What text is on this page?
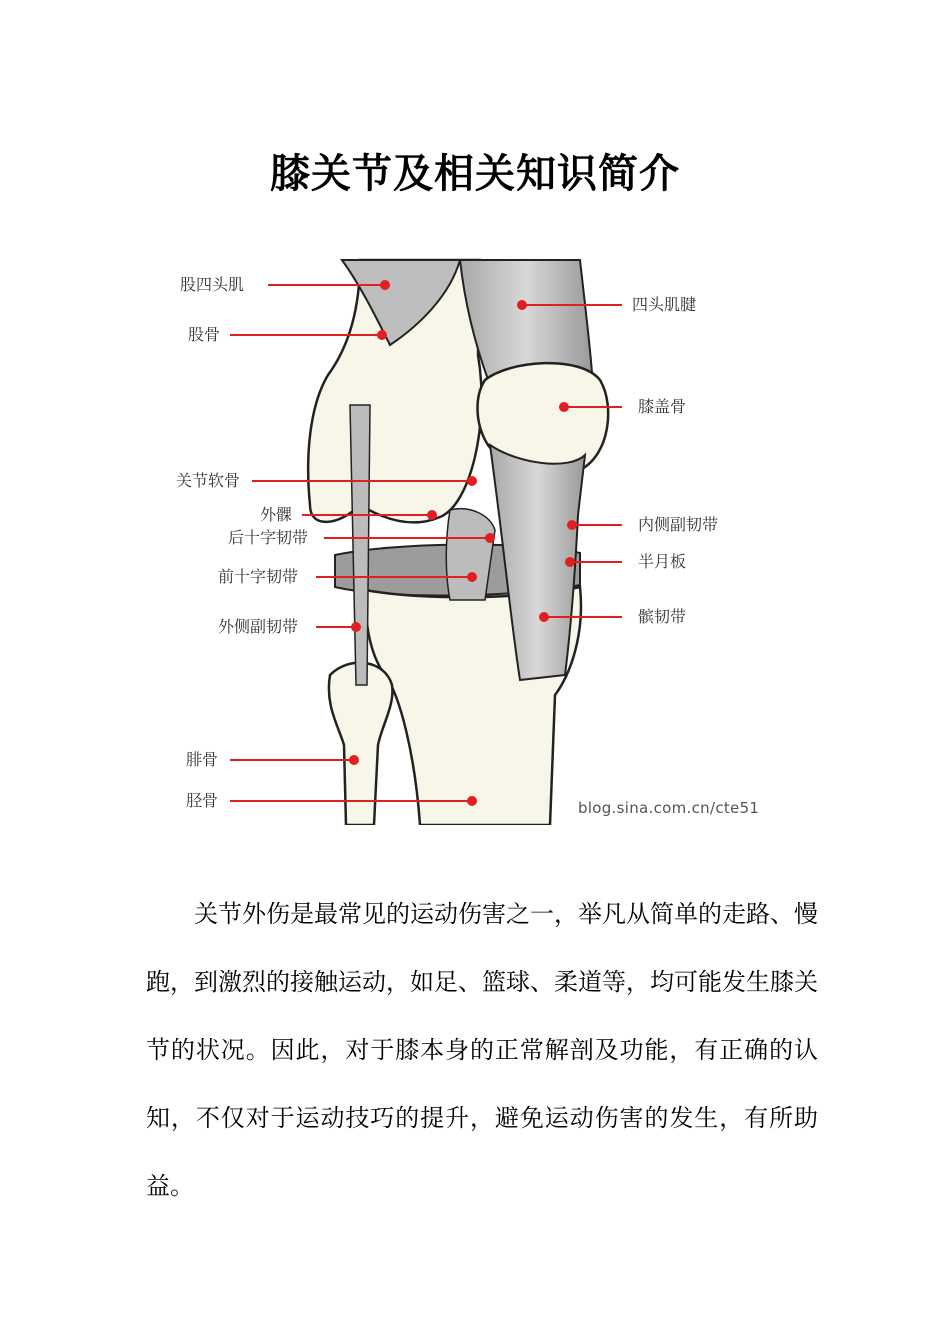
膝关节及相关知识简介
股四头肌
股骨
关节软骨
外髁
后十字韧带
前十字韧带
外侧副韧带
腓骨
胫骨
四头肌腱
膝盖骨
内侧副韧带
半月板
髌韧带
blog.sina.com.cn/cte51

关节外伤是最常见的运动伤害之一，举凡从简单的走路、慢跑，到激烈的接触运动，如足、篮球、柔道等，均可能发生膝关节的状况。因此，对于膝本身的正常解剖及功能，有正确的认知，不仅对于运动技巧的提升，避免运动伤害的发生，有所助益。
